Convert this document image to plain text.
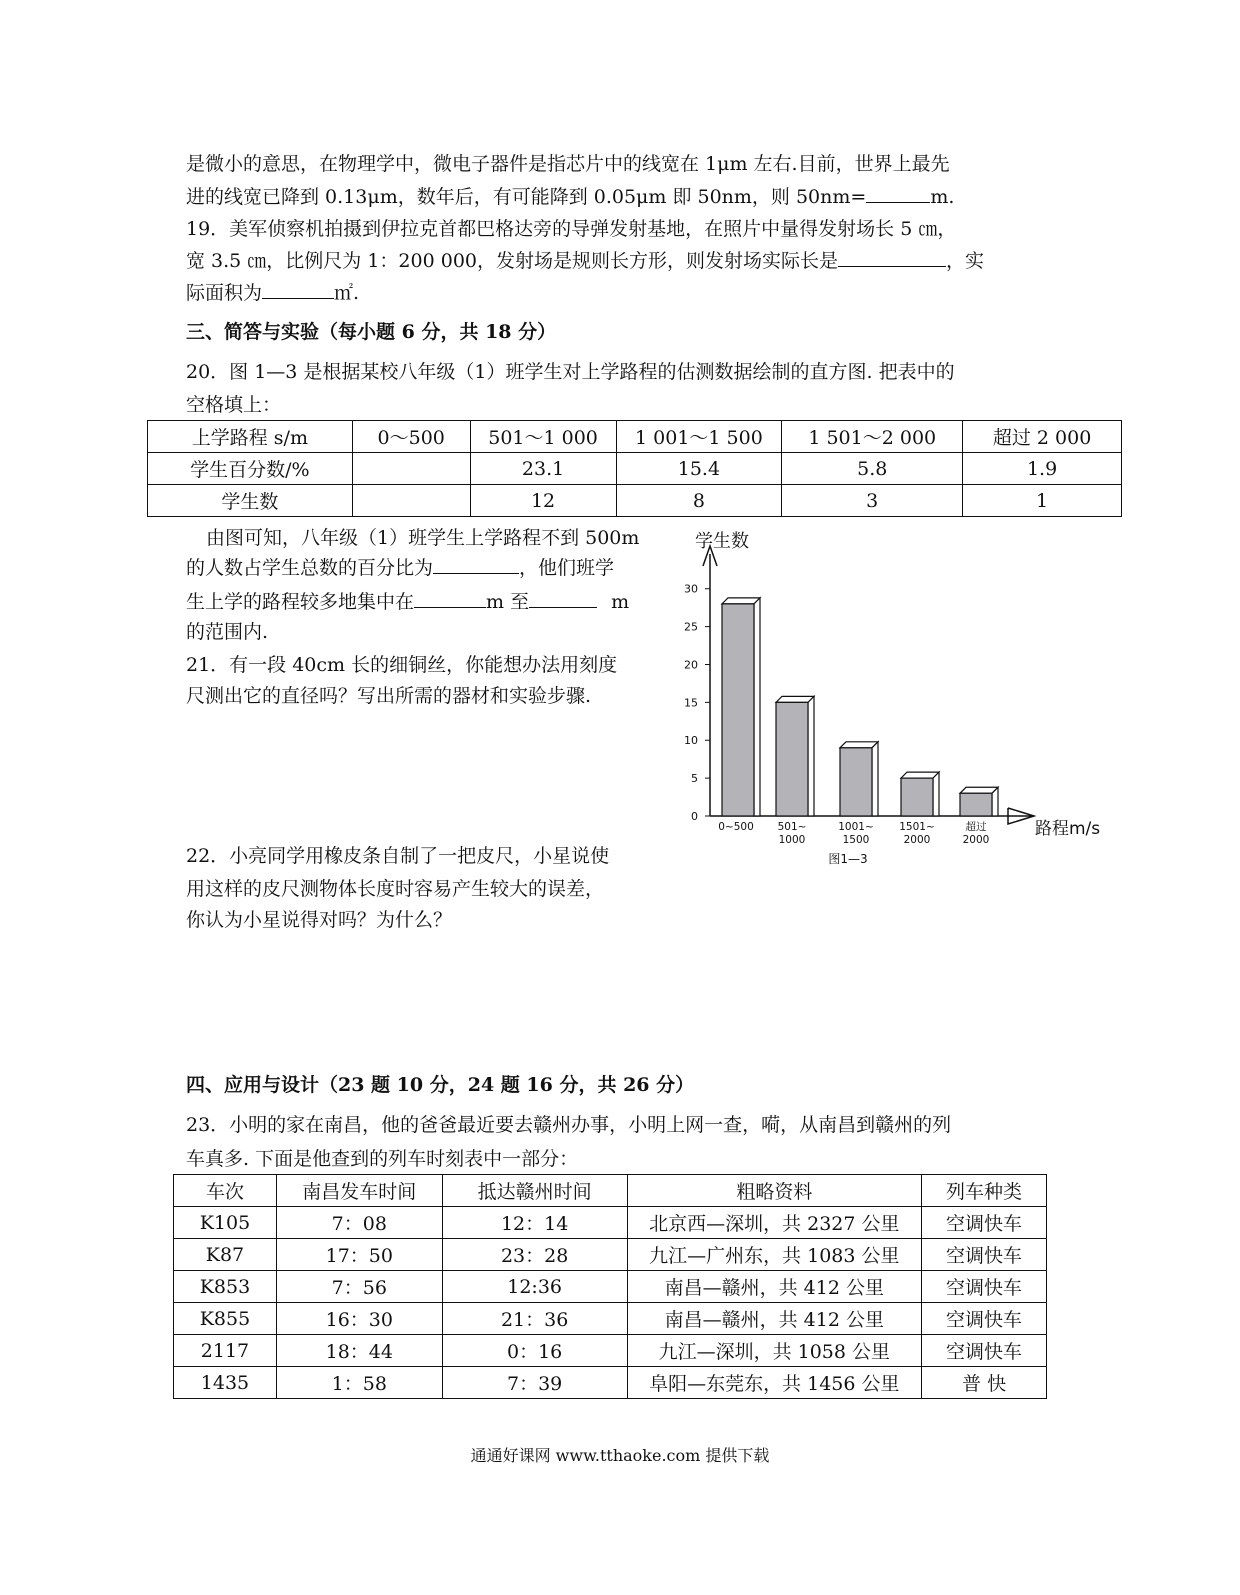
是微小的意思，在物理学中，微电子器件是指芯片中的线宽在 1μm 左右.目前，世界上最先
进的线宽已降到 0.13μm，数年后，有可能降到 0.05μm 即 50nm，则 50nm=	m.
19．美军侦察机拍摄到伊拉克首都巴格达旁的导弹发射基地，在照片中量得发射场长 5 ㎝，
宽 3.5 ㎝，比例尺为 1：200 000，发射场是规则长方形，则发射场实际长是	，实
际面积为	㎡.
三、简答与实验（每小题 6 分，共 18 分）
20．图 1—3 是根据某校八年级（1）班学生对上学路程的估测数据绘制的直方图. 把表中的
空格填上：
上学路程 s/m	0～500	501～1 000	1 001～1 500	1 501～2 000	超过 2 000
学生百分数/%		23.1	15.4	5.8	1.9
学生数		12	8	3	1
由图可知，八年级（1）班学生上学路程不到 500m
的人数占学生总数的百分比为	，他们班学
生上学的路程较多地集中在	m 至	m
的范围内.
21．有一段 40cm 长的细铜丝，你能想办法用刻度
尺测出它的直径吗？写出所需的器材和实验步骤.
0
5
10
15
20
25
30
学生数
路程m/s
图1—3
0~500 501~
1000
1001~
1500
1501~
2000
超过
2000
22．小亮同学用橡皮条自制了一把皮尺，小星说使
用这样的皮尺测物体长度时容易产生较大的误差，
你认为小星说得对吗？为什么？
四、应用与设计（23 题 10 分，24 题 16 分，共 26 分）
23．小明的家在南昌，他的爸爸最近要去赣州办事，小明上网一查，嗬，从南昌到赣州的列
车真多. 下面是他查到的列车时刻表中一部分：
车次	南昌发车时间	抵达赣州时间	粗略资料	列车种类
K105	7：08	12：14	北京西—深圳，共 2327 公里	空调快车
K87	17：50	23：28	九江—广州东，共 1083 公里	空调快车
K853	7：56	12:36	南昌—赣州，共 412 公里	空调快车
K855	16：30	21：36	南昌—赣州，共 412 公里	空调快车
2117	18：44	0：16	九江—深圳，共 1058 公里	空调快车
1435	1：58	7：39	阜阳—东莞东，共 1456 公里	普 快
通通好课网 www.tthaoke.com 提供下载
